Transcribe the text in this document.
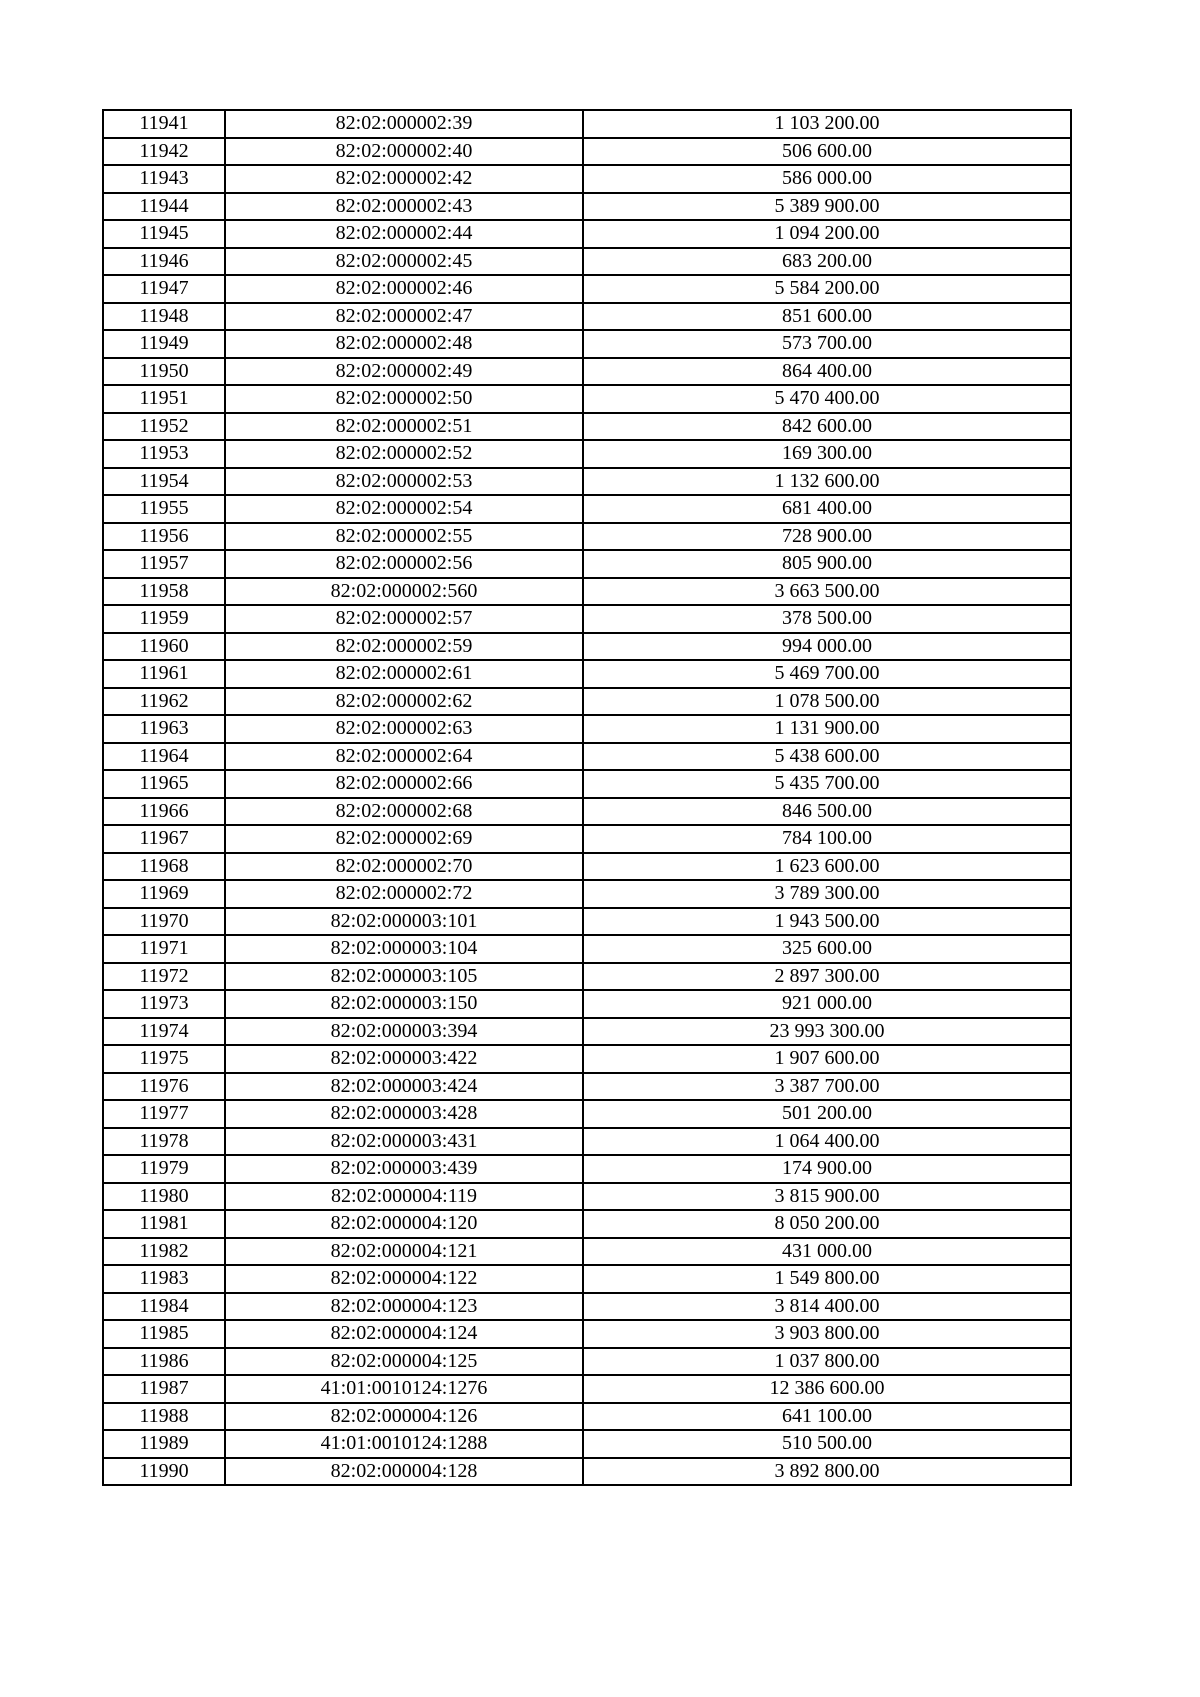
11941	82:02:000002:39	1 103 200.00
11942	82:02:000002:40	506 600.00
11943	82:02:000002:42	586 000.00
11944	82:02:000002:43	5 389 900.00
11945	82:02:000002:44	1 094 200.00
11946	82:02:000002:45	683 200.00
11947	82:02:000002:46	5 584 200.00
11948	82:02:000002:47	851 600.00
11949	82:02:000002:48	573 700.00
11950	82:02:000002:49	864 400.00
11951	82:02:000002:50	5 470 400.00
11952	82:02:000002:51	842 600.00
11953	82:02:000002:52	169 300.00
11954	82:02:000002:53	1 132 600.00
11955	82:02:000002:54	681 400.00
11956	82:02:000002:55	728 900.00
11957	82:02:000002:56	805 900.00
11958	82:02:000002:560	3 663 500.00
11959	82:02:000002:57	378 500.00
11960	82:02:000002:59	994 000.00
11961	82:02:000002:61	5 469 700.00
11962	82:02:000002:62	1 078 500.00
11963	82:02:000002:63	1 131 900.00
11964	82:02:000002:64	5 438 600.00
11965	82:02:000002:66	5 435 700.00
11966	82:02:000002:68	846 500.00
11967	82:02:000002:69	784 100.00
11968	82:02:000002:70	1 623 600.00
11969	82:02:000002:72	3 789 300.00
11970	82:02:000003:101	1 943 500.00
11971	82:02:000003:104	325 600.00
11972	82:02:000003:105	2 897 300.00
11973	82:02:000003:150	921 000.00
11974	82:02:000003:394	23 993 300.00
11975	82:02:000003:422	1 907 600.00
11976	82:02:000003:424	3 387 700.00
11977	82:02:000003:428	501 200.00
11978	82:02:000003:431	1 064 400.00
11979	82:02:000003:439	174 900.00
11980	82:02:000004:119	3 815 900.00
11981	82:02:000004:120	8 050 200.00
11982	82:02:000004:121	431 000.00
11983	82:02:000004:122	1 549 800.00
11984	82:02:000004:123	3 814 400.00
11985	82:02:000004:124	3 903 800.00
11986	82:02:000004:125	1 037 800.00
11987	41:01:0010124:1276	12 386 600.00
11988	82:02:000004:126	641 100.00
11989	41:01:0010124:1288	510 500.00
11990	82:02:000004:128	3 892 800.00
